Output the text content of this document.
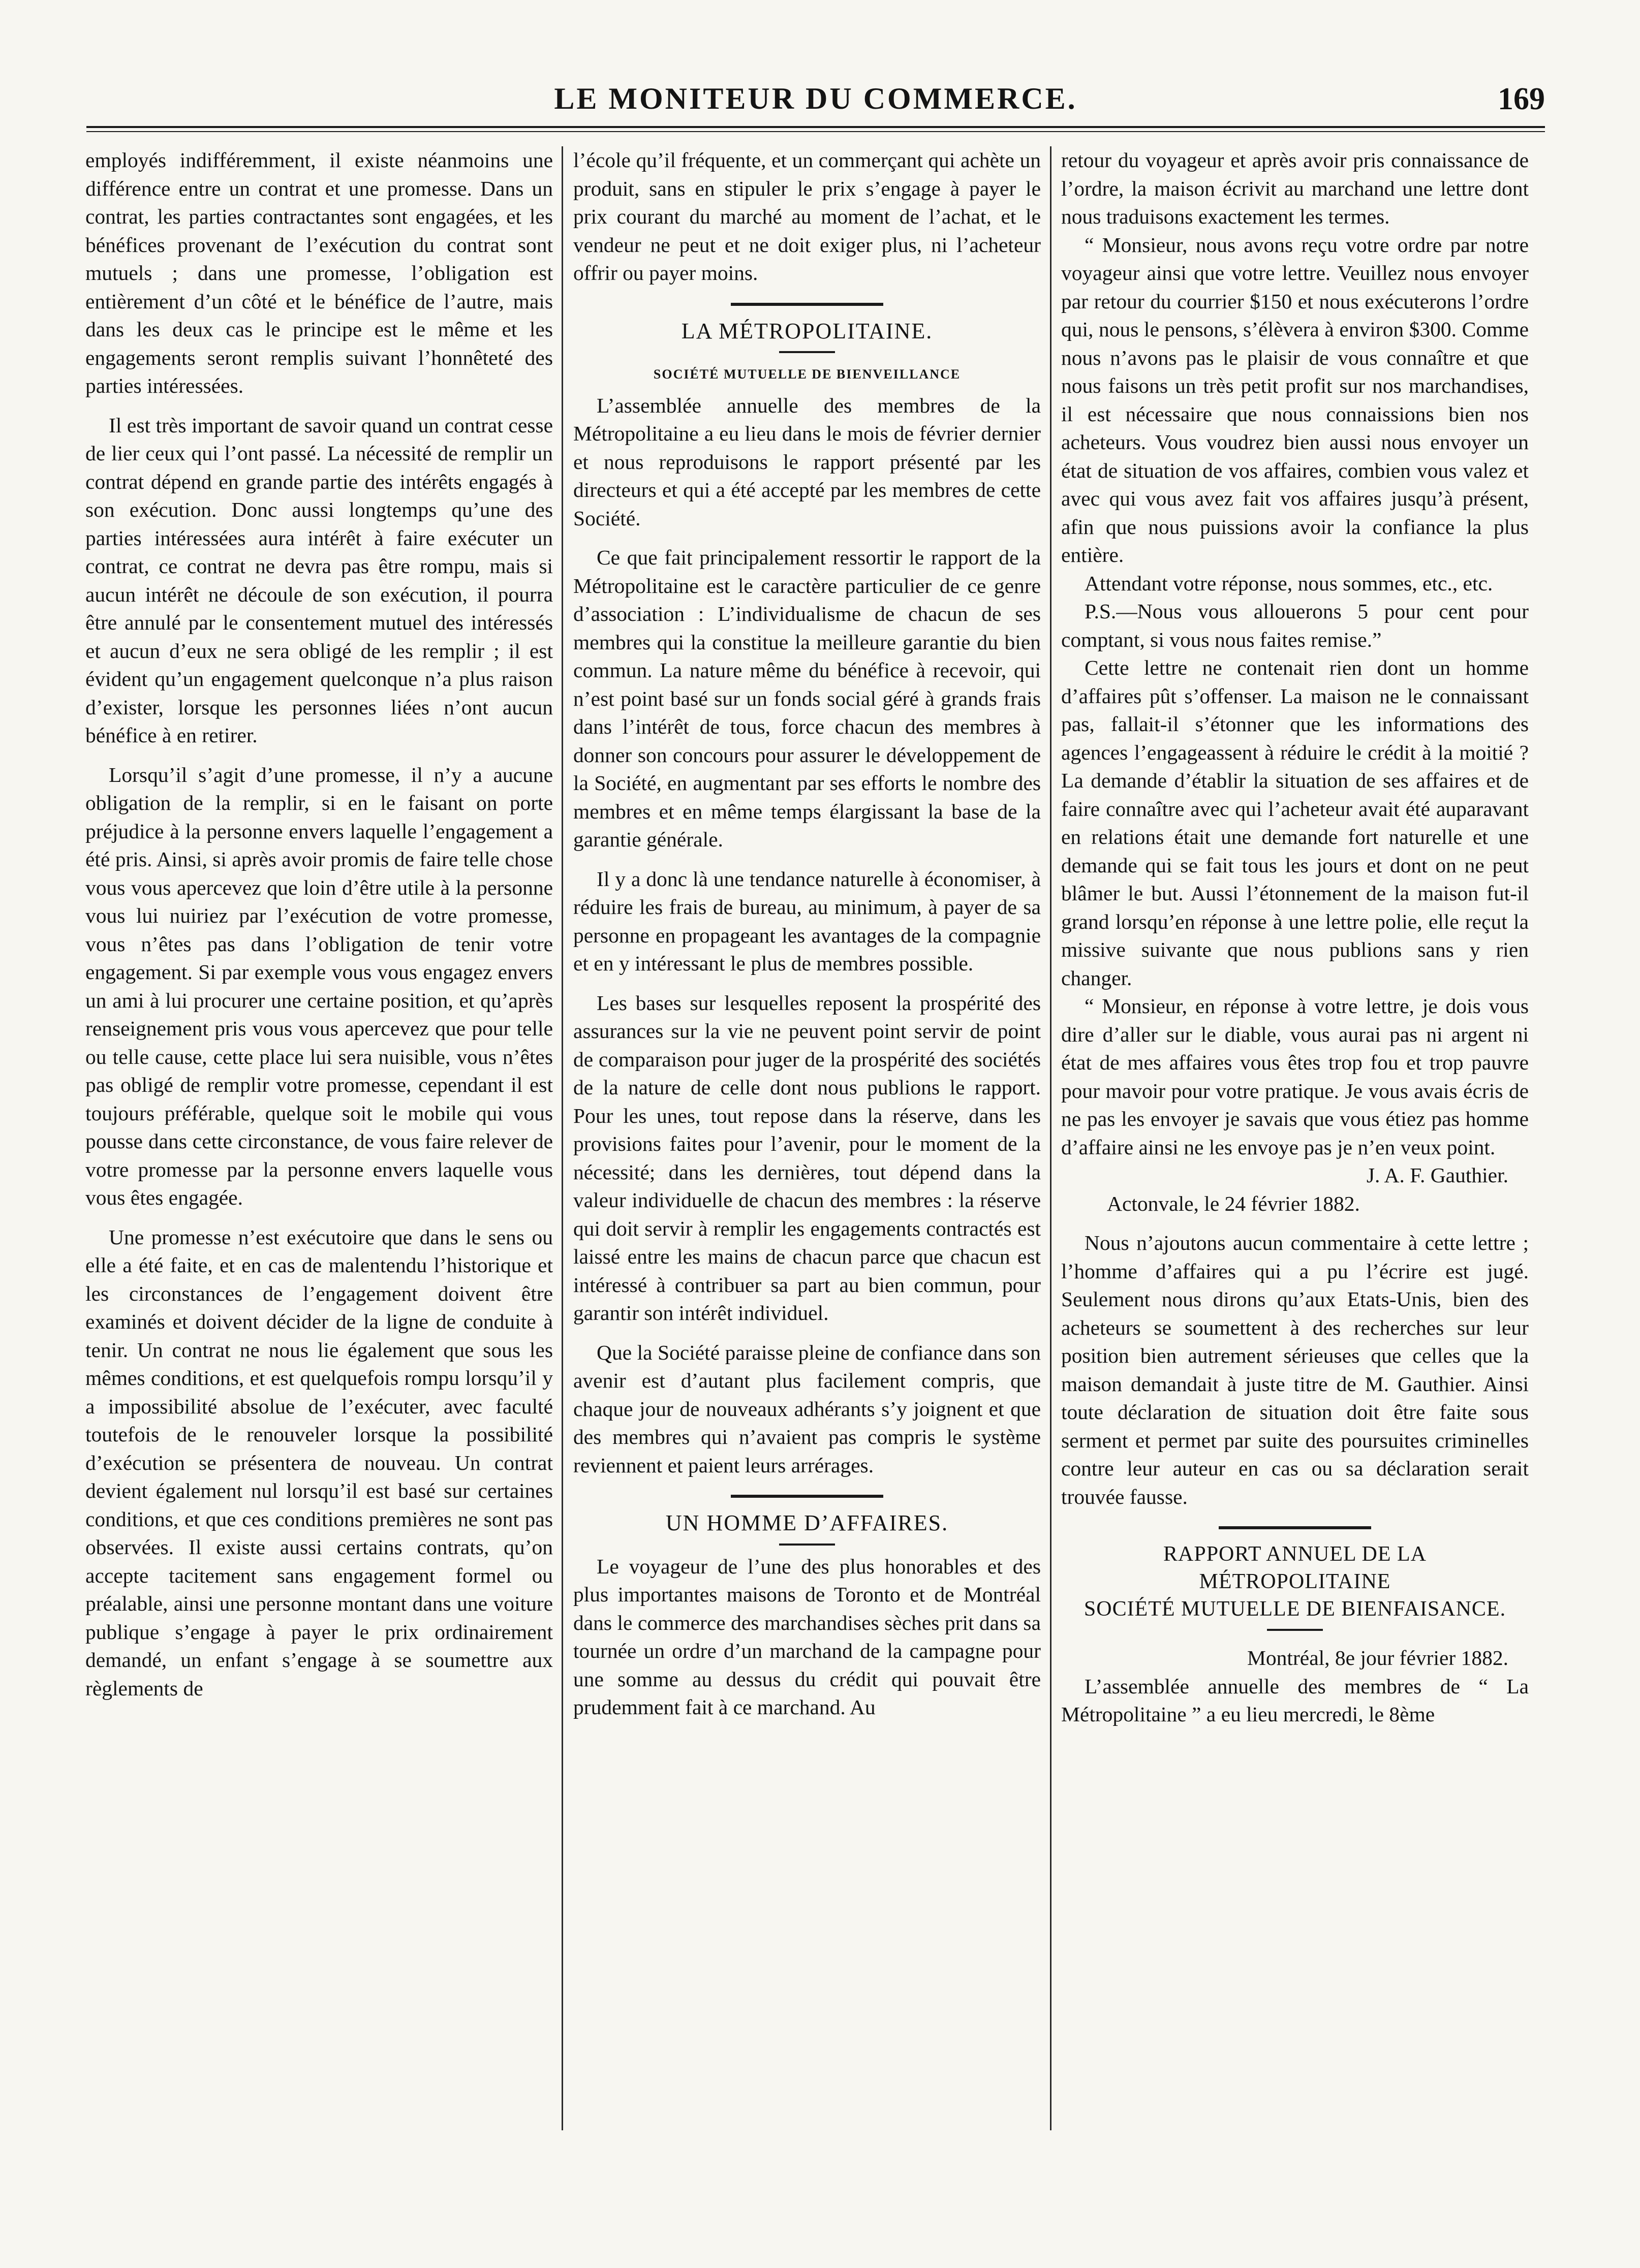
LE MONITEUR DU COMMERCE.	169

employés indifféremment, il existe néanmoins une différence entre un contrat et une promesse. Dans un contrat, les parties contractantes sont engagées, et les bénéfices provenant de l’exécution du contrat sont mutuels ; dans une promesse, l’obligation est entièrement d’un côté et le bénéfice de l’autre, mais dans les deux cas le principe est le même et les engagements seront remplis suivant l’honnêteté des parties intéressées.

Il est très important de savoir quand un contrat cesse de lier ceux qui l’ont passé. La nécessité de remplir un contrat dépend en grande partie des intérêts engagés à son exécution. Donc aussi longtemps qu’une des parties intéressées aura intérêt à faire exécuter un contrat, ce contrat ne devra pas être rompu, mais si aucun intérêt ne découle de son exécution, il pourra être annulé par le consentement mutuel des intéressés et aucun d’eux ne sera obligé de les remplir ; il est évident qu’un engagement quelconque n’a plus raison d’exister, lorsque les personnes liées n’ont aucun bénéfice à en retirer.

Lorsqu’il s’agit d’une promesse, il n’y a aucune obligation de la remplir, si en le faisant on porte préjudice à la personne envers laquelle l’engagement a été pris. Ainsi, si après avoir promis de faire telle chose vous vous apercevez que loin d’être utile à la personne vous lui nuiriez par l’exécution de votre promesse, vous n’êtes pas dans l’obligation de tenir votre engagement. Si par exemple vous vous engagez envers un ami à lui procurer une certaine position, et qu’après renseignement pris vous vous apercevez que pour telle ou telle cause, cette place lui sera nuisible, vous n’êtes pas obligé de remplir votre promesse, cependant il est toujours préférable, quelque soit le mobile qui vous pousse dans cette circonstance, de vous faire relever de votre promesse par la personne envers laquelle vous vous êtes engagée.

Une promesse n’est exécutoire que dans le sens ou elle a été faite, et en cas de malentendu l’historique et les circonstances de l’engagement doivent être examinés et doivent décider de la ligne de conduite à tenir. Un contrat ne nous lie également que sous les mêmes conditions, et est quelquefois rompu lorsqu’il y a impossibilité absolue de l’exécuter, avec faculté toutefois de le renouveler lorsque la possibilité d’exécution se présentera de nouveau. Un contrat devient également nul lorsqu’il est basé sur certaines conditions, et que ces conditions premières ne sont pas observées. Il existe aussi certains contrats, qu’on accepte tacitement sans engagement formel ou préalable, ainsi une personne montant dans une voiture publique s’engage à payer le prix ordinairement demandé, un enfant s’engage à se soumettre aux règlements de

l’école qu’il fréquente, et un commerçant qui achète un produit, sans en stipuler le prix s’engage à payer le prix courant du marché au moment de l’achat, et le vendeur ne peut et ne doit exiger plus, ni l’acheteur offrir ou payer moins.

LA MÉTROPOLITAINE.
SOCIÉTÉ MUTUELLE DE BIENVEILLANCE

L’assemblée annuelle des membres de la Métropolitaine a eu lieu dans le mois de février dernier et nous reproduisons le rapport présenté par les directeurs et qui a été accepté par les membres de cette Société.

Ce que fait principalement ressortir le rapport de la Métropolitaine est le caractère particulier de ce genre d’association : L’individualisme de chacun de ses membres qui la constitue la meilleure garantie du bien commun. La nature même du bénéfice à recevoir, qui n’est point basé sur un fonds social géré à grands frais dans l’intérêt de tous, force chacun des membres à donner son concours pour assurer le développement de la Société, en augmentant par ses efforts le nombre des membres et en même temps élargissant la base de la garantie générale.

Il y a donc là une tendance naturelle à économiser, à réduire les frais de bureau, au minimum, à payer de sa personne en propageant les avantages de la compagnie et en y intéressant le plus de membres possible.

Les bases sur lesquelles reposent la prospérité des assurances sur la vie ne peuvent point servir de point de comparaison pour juger de la prospérité des sociétés de la nature de celle dont nous publions le rapport. Pour les unes, tout repose dans la réserve, dans les provisions faites pour l’avenir, pour le moment de la nécessité; dans les dernières, tout dépend dans la valeur individuelle de chacun des membres : la réserve qui doit servir à remplir les engagements contractés est laissé entre les mains de chacun parce que chacun est intéressé à contribuer sa part au bien commun, pour garantir son intérêt individuel.

Que la Société paraisse pleine de confiance dans son avenir est d’autant plus facilement compris, que chaque jour de nouveaux adhérants s’y joignent et que des membres qui n’avaient pas compris le système reviennent et paient leurs arrérages.

UN HOMME D’AFFAIRES.

Le voyageur de l’une des plus honorables et des plus importantes maisons de Toronto et de Montréal dans le commerce des marchandises sèches prit dans sa tournée un ordre d’un marchand de la campagne pour une somme au dessus du crédit qui pouvait être prudemment fait à ce marchand. Au

retour du voyageur et après avoir pris connaissance de l’ordre, la maison écrivit au marchand une lettre dont nous traduisons exactement les termes.

“ Monsieur, nous avons reçu votre ordre par notre voyageur ainsi que votre lettre. Veuillez nous envoyer par retour du courrier $150 et nous exécuterons l’ordre qui, nous le pensons, s’élèvera à environ $300. Comme nous n’avons pas le plaisir de vous connaître et que nous faisons un très petit profit sur nos marchandises, il est nécessaire que nous connaissions bien nos acheteurs. Vous voudrez bien aussi nous envoyer un état de situation de vos affaires, combien vous valez et avec qui vous avez fait vos affaires jusqu’à présent, afin que nous puissions avoir la confiance la plus entière.

Attendant votre réponse, nous sommes, etc., etc.

P.S.—Nous vous allouerons 5 pour cent pour comptant, si vous nous faites remise.”

Cette lettre ne contenait rien dont un homme d’affaires pût s’offenser. La maison ne le connaissant pas, fallait-il s’étonner que les informations des agences l’engageassent à réduire le crédit à la moitié ? La demande d’établir la situation de ses affaires et de faire connaître avec qui l’acheteur avait été auparavant en relations était une demande fort naturelle et une demande qui se fait tous les jours et dont on ne peut blâmer le but. Aussi l’étonnement de la maison fut-il grand lorsqu’en réponse à une lettre polie, elle reçut la missive suivante que nous publions sans y rien changer.

“ Monsieur, en réponse à votre lettre, je dois vous dire d’aller sur le diable, vous aurai pas ni argent ni état de mes affaires vous êtes trop fou et trop pauvre pour mavoir pour votre pratique. Je vous avais écris de ne pas les envoyer je savais que vous étiez pas homme d’affaire ainsi ne les envoye pas je n’en veux point.

J. A. F. Gauthier.

Actonvale, le 24 février 1882.

Nous n’ajoutons aucun commentaire à cette lettre ; l’homme d’affaires qui a pu l’écrire est jugé. Seulement nous dirons qu’aux Etats-Unis, bien des acheteurs se soumettent à des recherches sur leur position bien autrement sérieuses que celles que la maison demandait à juste titre de M. Gauthier. Ainsi toute déclaration de situation doit être faite sous serment et permet par suite des poursuites criminelles contre leur auteur en cas ou sa déclaration serait trouvée fausse.

RAPPORT ANNUEL DE LA
MÉTROPOLITAINE
SOCIÉTÉ MUTUELLE DE BIENFAISANCE.

Montréal, 8e jour février 1882.

L’assemblée annuelle des membres de “ La Métropolitaine ” a eu lieu mercredi, le 8ème
